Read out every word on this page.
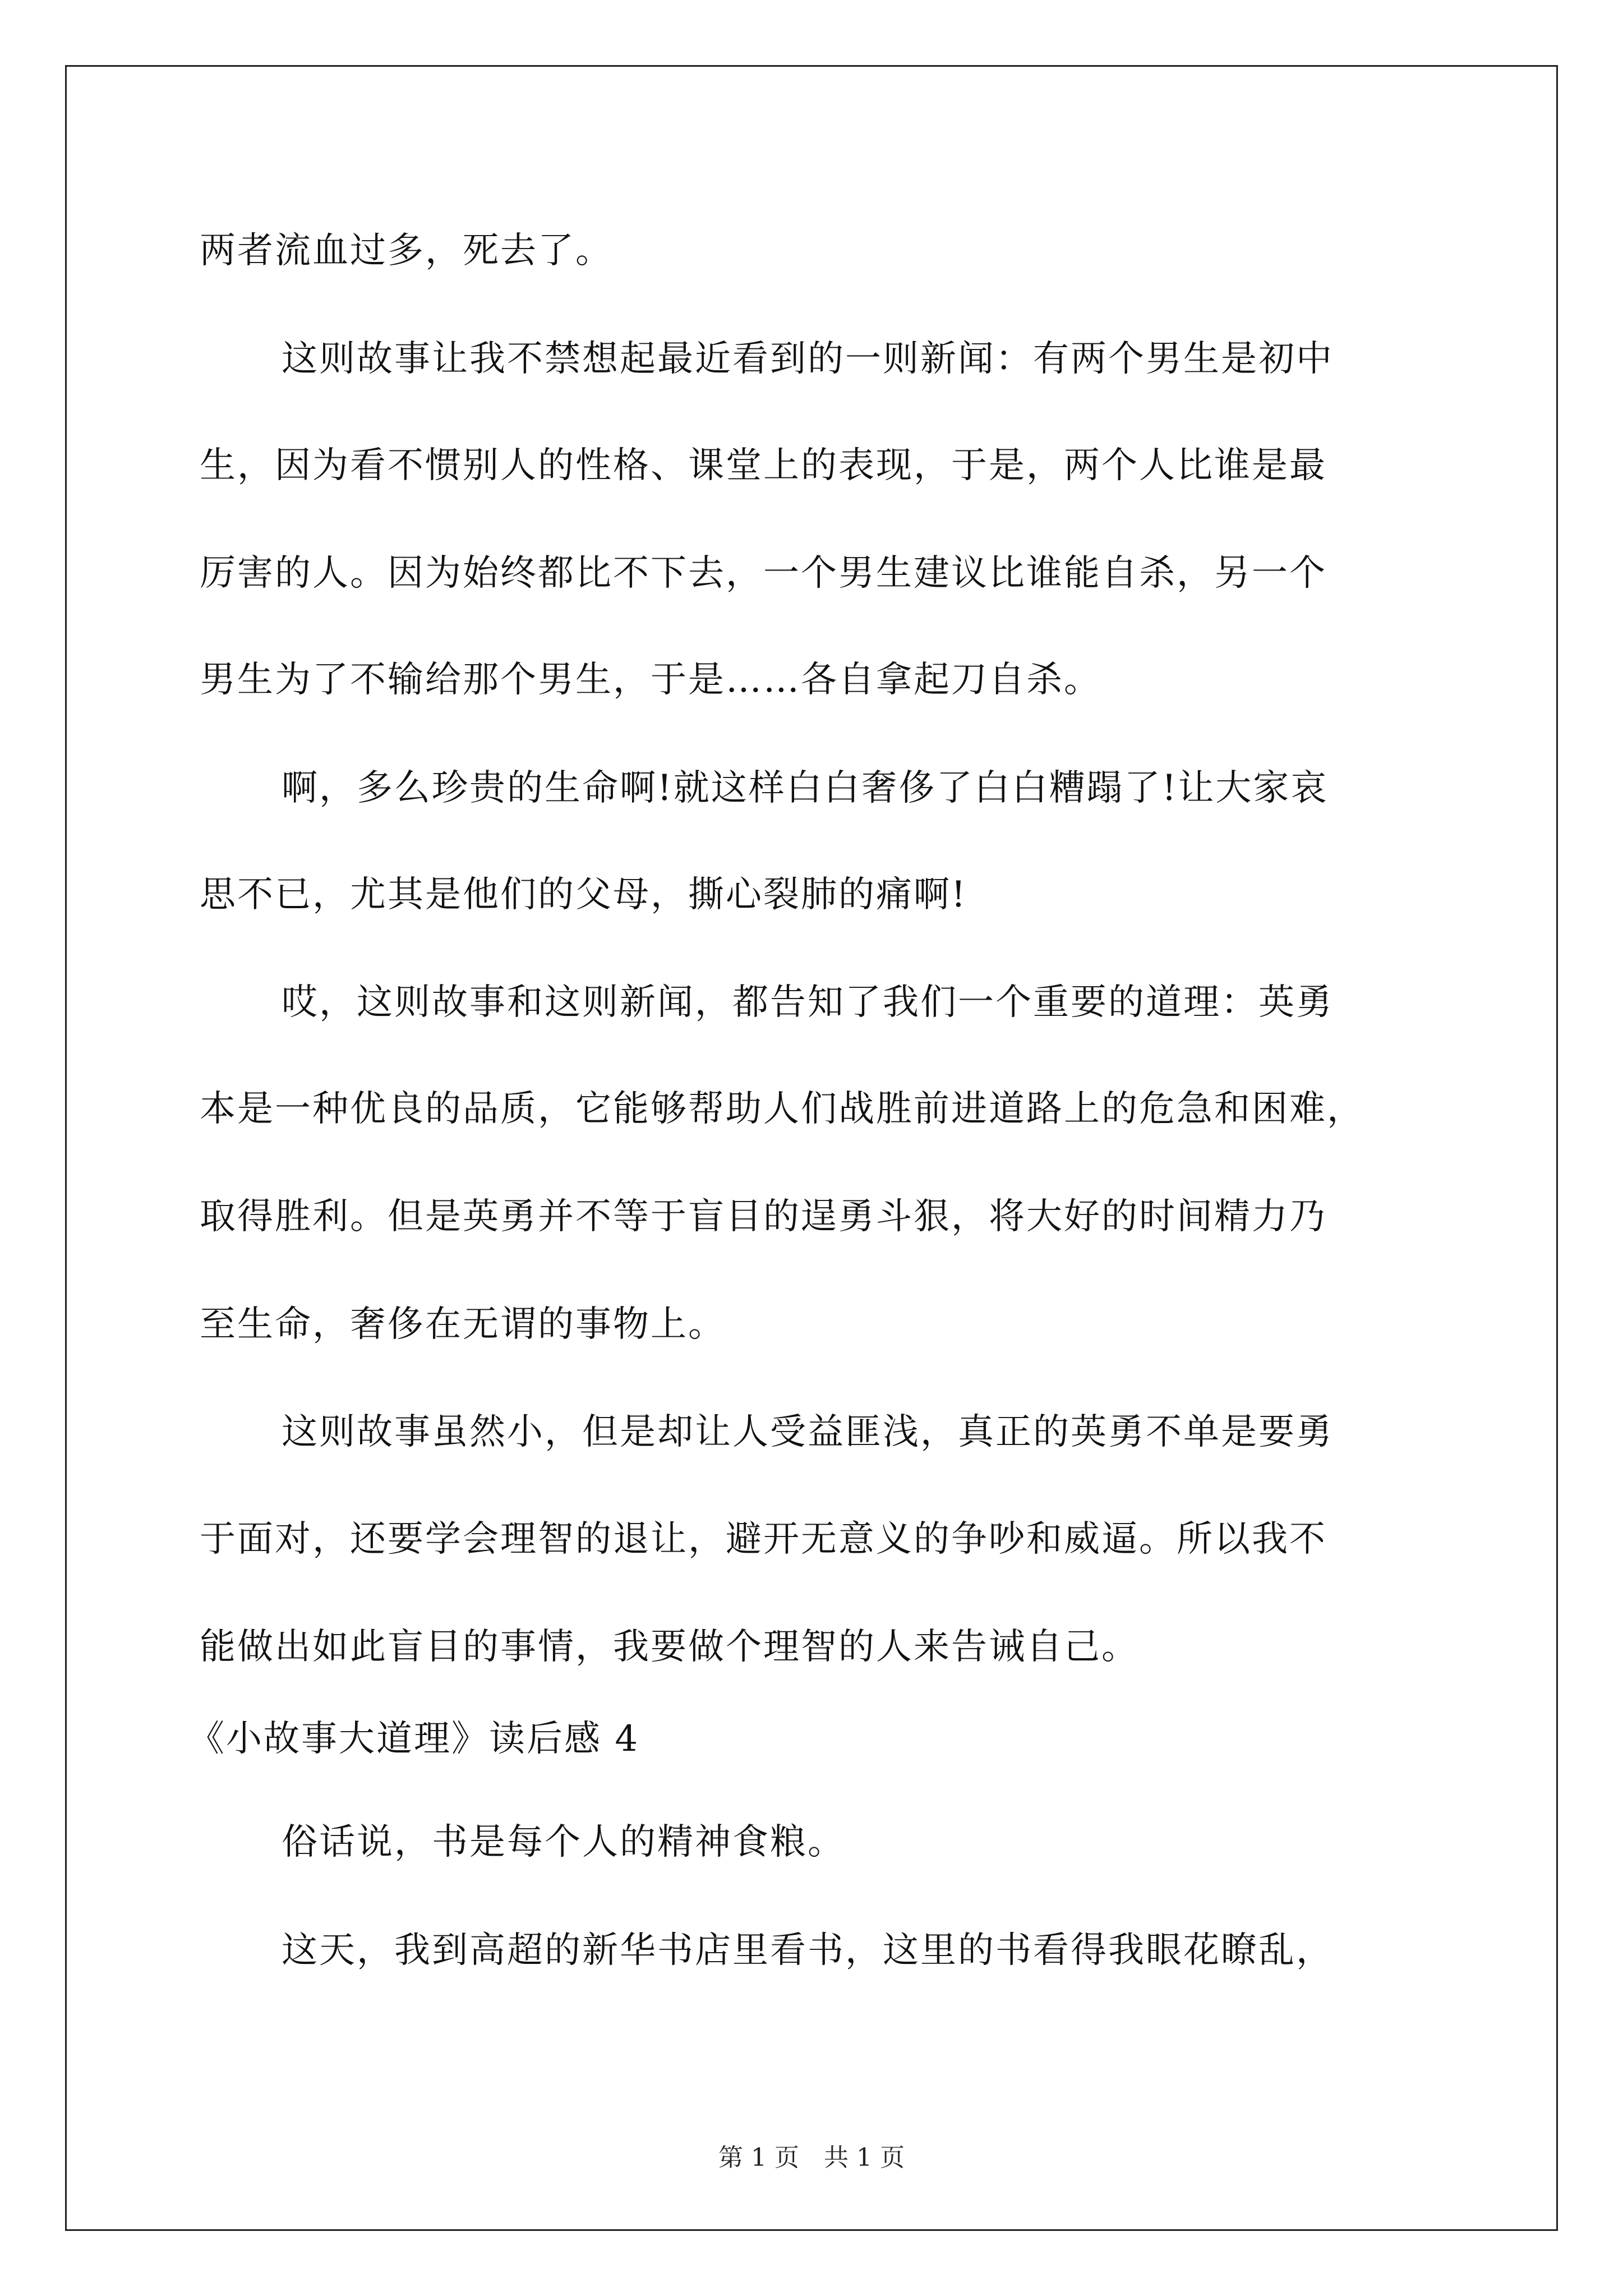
两者流血过多，死去了。
这则故事让我不禁想起最近看到的一则新闻：有两个男生是初中
生，因为看不惯别人的性格、课堂上的表现，于是，两个人比谁是最
厉害的人。因为始终都比不下去，一个男生建议比谁能自杀，另一个
男生为了不输给那个男生，于是……各自拿起刀自杀。
啊，多么珍贵的生命啊!就这样白白奢侈了白白糟蹋了!让大家哀
思不已，尤其是他们的父母，撕心裂肺的痛啊!
哎，这则故事和这则新闻，都告知了我们一个重要的道理：英勇
本是一种优良的品质，它能够帮助人们战胜前进道路上的危急和困难，
取得胜利。但是英勇并不等于盲目的逞勇斗狠，将大好的时间精力乃
至生命，奢侈在无谓的事物上。
这则故事虽然小，但是却让人受益匪浅，真正的英勇不单是要勇
于面对，还要学会理智的退让，避开无意义的争吵和威逼。所以我不
能做出如此盲目的事情，我要做个理智的人来告诫自己。
《小故事大道理》读后感 4
俗话说，书是每个人的精神食粮。
这天，我到高超的新华书店里看书，这里的书看得我眼花瞭乱，
第 1 页　共 1 页
